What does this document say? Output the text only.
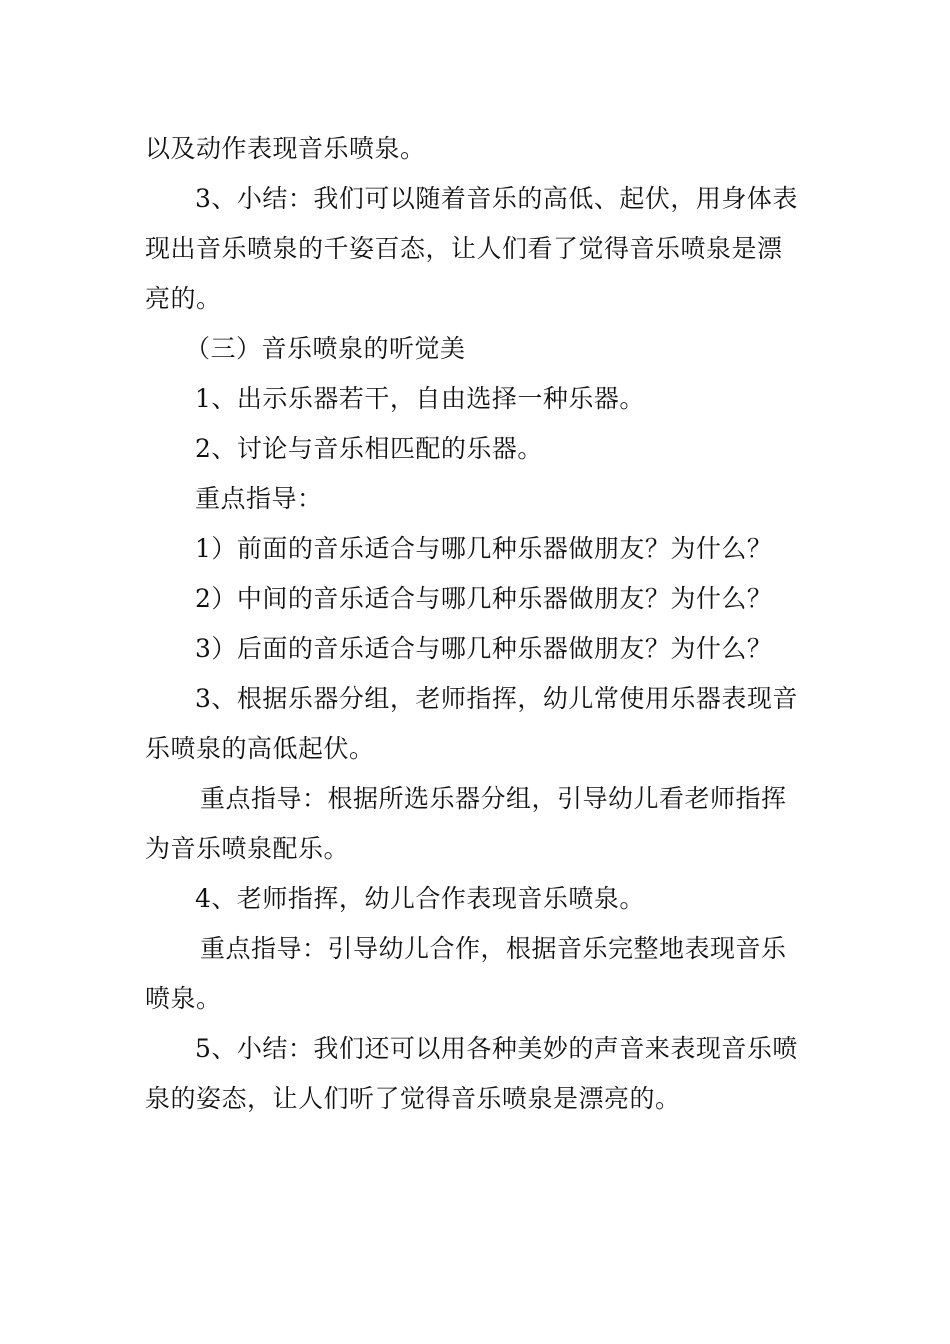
以及动作表现音乐喷泉。
3、小结：我们可以随着音乐的高低、起伏，用身体表
现出音乐喷泉的千姿百态，让人们看了觉得音乐喷泉是漂
亮的。
（三）音乐喷泉的听觉美
1、出示乐器若干，自由选择一种乐器。
2、讨论与音乐相匹配的乐器。
重点指导：
1）前面的音乐适合与哪几种乐器做朋友？为什么？
2）中间的音乐适合与哪几种乐器做朋友？为什么？
3）后面的音乐适合与哪几种乐器做朋友？为什么？
3、根据乐器分组，老师指挥，幼儿常使用乐器表现音
乐喷泉的高低起伏。
重点指导：根据所选乐器分组，引导幼儿看老师指挥
为音乐喷泉配乐。
4、老师指挥，幼儿合作表现音乐喷泉。
重点指导：引导幼儿合作，根据音乐完整地表现音乐
喷泉。
5、小结：我们还可以用各种美妙的声音来表现音乐喷
泉的姿态，让人们听了觉得音乐喷泉是漂亮的。
